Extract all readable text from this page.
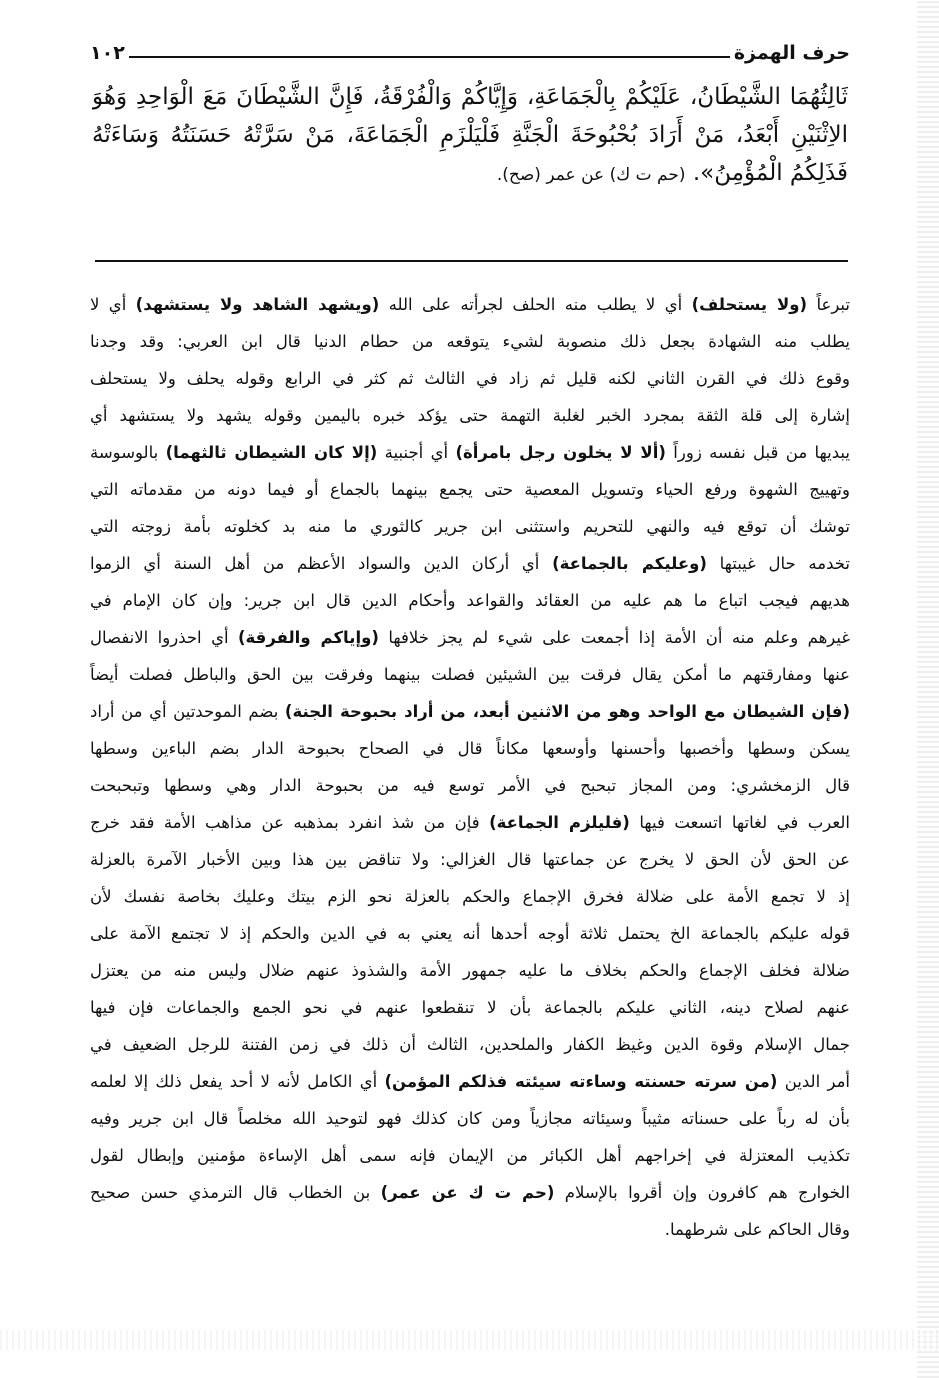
حرف الهمزة
١٠٢
ثَالِثُهُمَا الشَّيْطَانُ، عَلَيْكُمْ بِالْجَمَاعَةِ، وَإِيَّاكُمْ وَالْفُرْقَةُ، فَإِنَّ الشَّيْطَانَ مَعَ الْوَاحِدِ وَهُوَ
الاِثْنَيْنِ أَبْعَدُ، مَنْ أَرَادَ بُحْبُوحَةَ الْجَنَّةِ فَلْيَلْزَمِ الْجَمَاعَةَ، مَنْ سَرَّتْهُ حَسَنَتُهُ وَسَاءَتْهُ
فَذَلِكُمُ الْمُؤْمِنُ». (حم ت ك) عن عمر (صح).
تبرعاً (ولا يستحلف) أي لا يطلب منه الحلف لجرأته على الله (ويشهد الشاهد ولا يستشهد) أي لا
يطلب منه الشهادة بجعل ذلك منصوبة لشيء يتوقعه من حطام الدنيا قال ابن العربي: وقد وجدنا
وقوع ذلك في القرن الثاني لكنه قليل ثم زاد في الثالث ثم كثر في الرابع وقوله يحلف ولا يستحلف
إشارة إلى قلة الثقة بمجرد الخبر لغلبة التهمة حتى يؤكد خبره باليمين وقوله يشهد ولا يستشهد أي
يبديها من قبل نفسه زوراً (ألا لا يخلون رجل بامرأة) أي أجنبية (إلا كان الشيطان ثالثهما) بالوسوسة
وتهييج الشهوة ورفع الحياء وتسويل المعصية حتى يجمع بينهما بالجماع أو فيما دونه من مقدماته التي
توشك أن توقع فيه والنهي للتحريم واستثنى ابن جرير كالثوري ما منه بد كخلوته بأمة زوجته التي
تخدمه حال غيبتها (وعليكم بالجماعة) أي أركان الدين والسواد الأعظم من أهل السنة أي الزموا
هديهم فيجب اتباع ما هم عليه من العقائد والقواعد وأحكام الدين قال ابن جرير: وإن كان الإمام في
غيرهم وعلم منه أن الأمة إذا أجمعت على شيء لم يجز خلافها (وإياكم والفرقة) أي احذروا الانفصال
عنها ومفارقتهم ما أمكن يقال فرقت بين الشيئين فصلت بينهما وفرقت بين الحق والباطل فصلت أيضاً
(فإن الشيطان مع الواحد وهو من الاثنين أبعد، من أراد بحبوحة الجنة) بضم الموحدتين أي من أراد
يسكن وسطها وأخصبها وأحسنها وأوسعها مكاناً قال في الصحاح بحبوحة الدار بضم الباءين وسطها
قال الزمخشري: ومن المجاز تبحبح في الأمر توسع فيه من بحبوحة الدار وهي وسطها وتبحبحت
العرب في لغاتها اتسعت فيها (فليلزم الجماعة) فإن من شذ انفرد بمذهبه عن مذاهب الأمة فقد خرج
عن الحق لأن الحق لا يخرج عن جماعتها قال الغزالي: ولا تناقض بين هذا وبين الأخبار الآمرة بالعزلة
إذ لا تجمع الأمة على ضلالة فخرق الإجماع والحكم بالعزلة نحو الزم بيتك وعليك بخاصة نفسك لأن
قوله عليكم بالجماعة الخ يحتمل ثلاثة أوجه أحدها أنه يعني به في الدين والحكم إذ لا تجتمع الآمة على
ضلالة فخلف الإجماع والحكم بخلاف ما عليه جمهور الأمة والشذوذ عنهم ضلال وليس منه من يعتزل
عنهم لصلاح دينه، الثاني عليكم بالجماعة بأن لا تنقطعوا عنهم في نحو الجمع والجماعات فإن فيها
جمال الإسلام وقوة الدين وغيظ الكفار والملحدين، الثالث أن ذلك في زمن الفتنة للرجل الضعيف في
أمر الدين (من سرته حسنته وساءته سيئته فذلكم المؤمن) أي الكامل لأنه لا أحد يفعل ذلك إلا لعلمه
بأن له رباً على حسناته مثيباً وسيئاته مجازياً ومن كان كذلك فهو لتوحيد الله مخلصاً قال ابن جرير وفيه
تكذيب المعتزلة في إخراجهم أهل الكبائر من الإيمان فإنه سمى أهل الإساءة مؤمنين وإبطال لقول
الخوارج هم كافرون وإن أقروا بالإسلام (حم ت ك عن عمر) بن الخطاب قال الترمذي حسن صحيح
وقال الحاكم على شرطهما.
